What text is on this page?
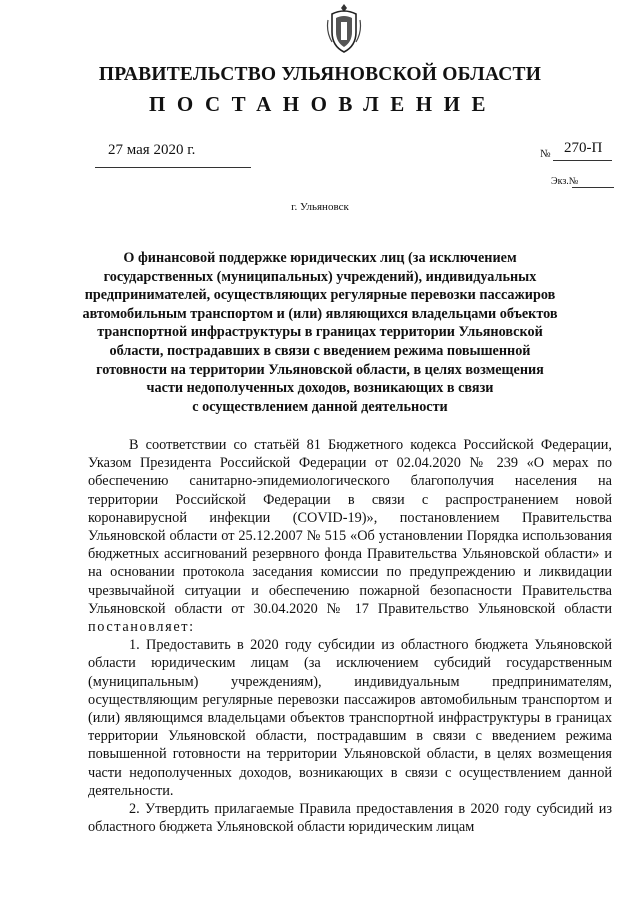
ПРАВИТЕЛЬСТВО УЛЬЯНОВСКОЙ ОБЛАСТИ
ПОСТАНОВЛЕНИЕ
27 мая 2020 г.	№ 270-П
Экз.№
г. Ульяновск
О финансовой поддержке юридических лиц (за исключением
государственных (муниципальных) учреждений), индивидуальных
предпринимателей, осуществляющих регулярные перевозки пассажиров
автомобильным транспортом и (или) являющихся владельцами объектов
транспортной инфраструктуры в границах территории Ульяновской
области, пострадавших в связи с введением режима повышенной
готовности на территории Ульяновской области, в целях возмещения
части недополученных доходов, возникающих в связи
с осуществлением данной деятельности

В соответствии со статьёй 81 Бюджетного кодекса Российской Федерации, Указом Президента Российской Федерации от 02.04.2020 № 239 «О мерах по обеспечению санитарно-эпидемиологического благополучия населения на территории Российской Федерации в связи с распространением новой коронавирусной инфекции (COVID-19)», постановлением Правительства Ульяновской области от 25.12.2007 № 515 «Об установлении Порядка использования бюджетных ассигнований резервного фонда Правительства Ульяновской области» и на основании протокола заседания комиссии по предупреждению и ликвидации чрезвычайной ситуации и обеспечению пожарной безопасности Правительства Ульяновской области от 30.04.2020 № 17 Правительство Ульяновской области постановляет:

1. Предоставить в 2020 году субсидии из областного бюджета Ульяновской области юридическим лицам (за исключением субсидий государственным (муниципальным) учреждениям), индивидуальным предпринимателям, осуществляющим регулярные перевозки пассажиров автомобильным транспортом и (или) являющимся владельцами объектов транспортной инфраструктуры в границах территории Ульяновской области, пострадавшим в связи с введением режима повышенной готовности на территории Ульяновской области, в целях возмещения части недополученных доходов, возникающих в связи с осуществлением данной деятельности.

2. Утвердить прилагаемые Правила предоставления в 2020 году субсидий из областного бюджета Ульяновской области юридическим лицам
